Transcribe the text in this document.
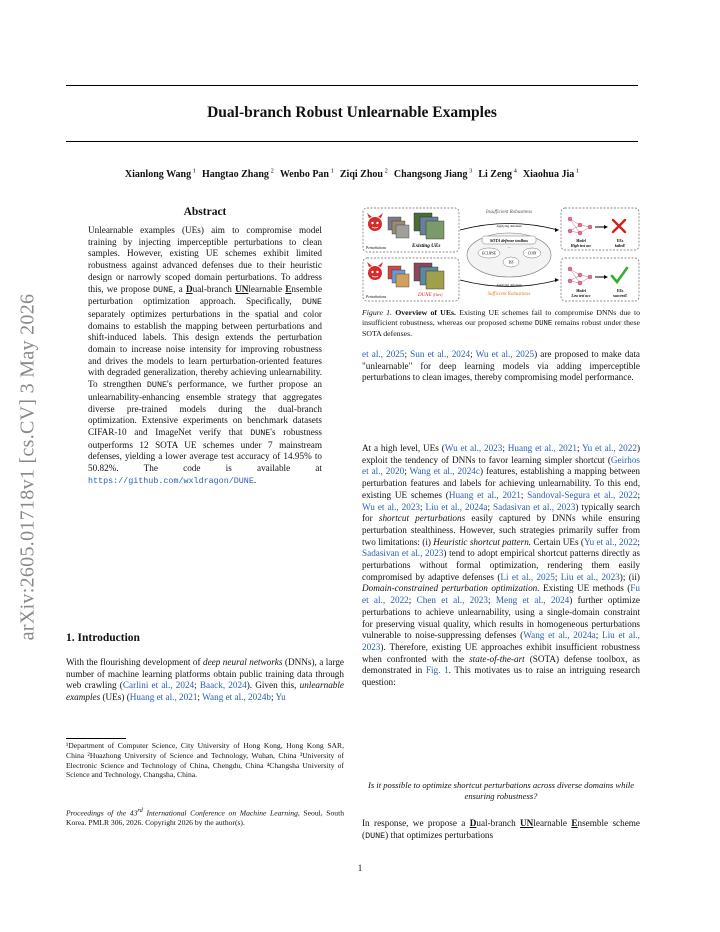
Dual-branch Robust Unlearnable Examples
Xianlong Wang $^1$ Hangtao Zhang $^2$ Wenbo Pan $^1$ Ziqi Zhou $^2$ Changsong Jiang $^3$ Li Zeng $^4$ Xiaohua Jia $^1$
arXiv:2605.01718v1 [cs.CV] 3 May 2026
Abstract
Unlearnable examples (UEs) aim to compromise model training by injecting imperceptible perturbations to clean samples. However, existing UE schemes exhibit limited robustness against advanced defenses due to their heuristic design or narrowly scoped domain perturbations. To address this, we propose DUNE, a Dual-branch UNlearnable Ensemble perturbation optimization approach. Specifically, DUNE separately optimizes perturbations in the spatial and color domains to establish the mapping between perturbations and shift-induced labels. This design extends the perturbation domain to increase noise intensity for improving robustness and drives the models to learn perturbation-oriented features with degraded generalization, thereby achieving unlearnability. To strengthen DUNE's performance, we further propose an unlearnability-enhancing ensemble strategy that aggregates diverse pre-trained models during the dual-branch optimization. Extensive experiments on benchmark datasets CIFAR-10 and ImageNet verify that DUNE's robustness outperforms 12 SOTA UE schemes under 7 mainstream defenses, yielding a lower average test accuracy of 14.95% to 50.82%. The code is available at https://github.com/wxldragon/DUNE.
1. Introduction
With the flourishing development of deep neural networks (DNNs), a large number of machine learning platforms obtain public training data through web crawling (Carlini et al., 2024; Baack, 2024). Given this, unlearnable examples (UEs) (Huang et al., 2021; Wang et al., 2024b; Yu
¹Department of Computer Science, City University of Hong Kong, Hong Kong SAR, China ²Huazhong University of Science and Technology, Wuhan, China ³University of Electronic Science and Technology of China, Chengdu, China ⁴Changsha University of Science and Technology, Changsha, China.
Proceedings of the 43rd International Conference on Machine Learning, Seoul, South Korea. PMLR 306, 2026. Copyright 2026 by the author(s).
Perturbations	Existing UEs
Perturbations	DUNE (Ours)
Insufficient Robustness
Sufficient Robustness
Applying defenses
Applying defenses
SOTA defense toolbox
...
ECLIPSE
ISS
COIN
Model	UEs
High test acc	failed!
Model	UEs
Low test acc	succeed!
Figure 1. Overview of UEs. Existing UE schemes fail to compromise DNNs due to insufficient robustness, whereas our proposed scheme DUNE remains robust under these SOTA defenses.
et al., 2025; Sun et al., 2024; Wu et al., 2025) are proposed to make data "unlearnable" for deep learning models via adding imperceptible perturbations to clean images, thereby compromising model performance.
At a high level, UEs (Wu et al., 2023; Huang et al., 2021; Yu et al., 2022) exploit the tendency of DNNs to favor learning simpler shortcut (Geirhos et al., 2020; Wang et al., 2024c) features, establishing a mapping between perturbation features and labels for achieving unlearnability. To this end, existing UE schemes (Huang et al., 2021; Sandoval-Segura et al., 2022; Wu et al., 2023; Liu et al., 2024a; Sadasivan et al., 2023) typically search for shortcut perturbations easily captured by DNNs while ensuring perturbation stealthiness. However, such strategies primarily suffer from two limitations: (i) Heuristic shortcut pattern. Certain UEs (Yu et al., 2022; Sadasivan et al., 2023) tend to adopt empirical shortcut patterns directly as perturbations without formal optimization, rendering them easily compromised by adaptive defenses (Li et al., 2025; Liu et al., 2023); (ii) Domain-constrained perturbation optimization. Existing UE methods (Fu et al., 2022; Chen et al., 2023; Meng et al., 2024) further optimize perturbations to achieve unlearnability, using a single-domain constraint for preserving visual quality, which results in homogeneous perturbations vulnerable to noise-suppressing defenses (Wang et al., 2024a; Liu et al., 2023). Therefore, existing UE approaches exhibit insufficient robustness when confronted with the state-of-the-art (SOTA) defense toolbox, as demonstrated in Fig. 1. This motivates us to raise an intriguing research question:
Is it possible to optimize shortcut perturbations across diverse domains while ensuring robustness?
In response, we propose a Dual-branch UNlearnable Ensemble scheme (DUNE) that optimizes perturbations
1
